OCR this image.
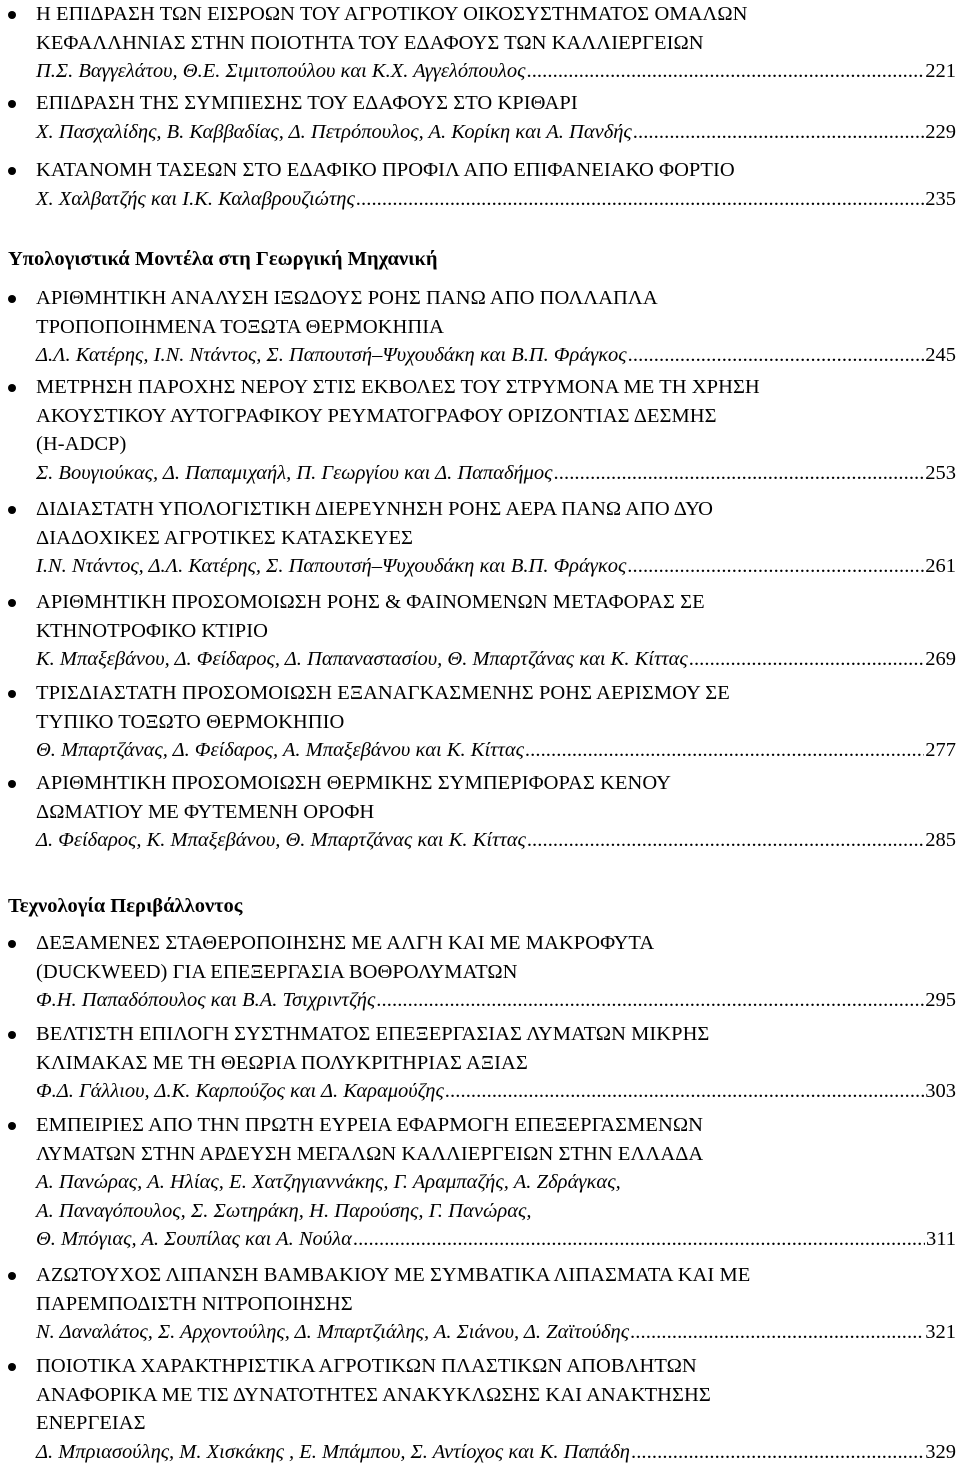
Η ΕΠΙΔΡΑΣΗ ΤΩΝ ΕΙΣΡΟΩΝ ΤΟΥ ΑΓΡΟΤΙΚΟΥ ΟΙΚΟΣΥΣΤΗΜΑΤΟΣ ΟΜΑΛΩΝ
ΚΕΦΑΛΛΗΝΙΑΣ ΣΤΗΝ ΠΟΙΟΤΗΤΑ ΤΟΥ ΕΔΑΦΟΥΣ ΤΩΝ ΚΑΛΛΙΕΡΓΕΙΩΝ
Π.Σ. Βαγγελάτου, Θ.Ε. Σιμιτοπούλου και Κ.Χ. Αγγελόπουλος .....	221
ΕΠΙΔΡΑΣΗ ΤΗΣ ΣΥΜΠΙΕΣΗΣ ΤΟΥ ΕΔΑΦΟΥΣ ΣΤΟ ΚΡΙΘΑΡΙ
Χ. Πασχαλίδης, Β. Καββαδίας, Δ. Πετρόπουλος, Α. Κορίκη και Α. Πανδής .....	229
ΚΑΤΑΝΟΜΗ ΤΑΣΕΩΝ ΣΤΟ ΕΔΑΦΙΚΟ ΠΡΟΦΙΛ ΑΠΟ ΕΠΙΦΑΝΕΙΑΚΟ ΦΟΡΤΙΟ
Χ. Χαλβατζής και Ι.Κ. Καλαβρουζιώτης .....	235
Υπολογιστικά Μοντέλα στη Γεωργική Μηχανική
ΑΡΙΘΜΗΤΙΚΗ ΑΝΑΛΥΣΗ ΙΞΩΔΟΥΣ ΡΟΗΣ ΠΑΝΩ ΑΠΟ ΠΟΛΛΑΠΛΑ
ΤΡΟΠΟΠΟΙΗΜΕΝΑ ΤΟΞΩΤΑ ΘΕΡΜΟΚΗΠΙΑ
Δ.Λ. Κατέρης, Ι.Ν. Ντάντος, Σ. Παπουτσή–Ψυχουδάκη και Β.Π. Φράγκος .....	245
ΜΕΤΡΗΣΗ ΠΑΡΟΧΗΣ ΝΕΡΟΥ ΣΤΙΣ ΕΚΒΟΛΕΣ ΤΟΥ ΣΤΡΥΜΟΝΑ ΜΕ ΤΗ ΧΡΗΣΗ
ΑΚΟΥΣΤΙΚΟΥ ΑΥΤΟΓΡΑΦΙΚΟΥ ΡΕΥΜΑΤΟΓΡΑΦΟΥ ΟΡΙΖΟΝΤΙΑΣ ΔΕΣΜΗΣ
(H-ADCP)
Σ. Βουγιούκας, Δ. Παπαμιχαήλ, Π. Γεωργίου και Δ. Παπαδήμος .....	253
ΔΙΔΙΑΣΤΑΤΗ ΥΠΟΛΟΓΙΣΤΙΚΗ ΔΙΕΡΕΥΝΗΣΗ ΡΟΗΣ ΑΕΡΑ ΠΑΝΩ ΑΠΟ ΔΥΟ
ΔΙΑΔΟΧΙΚΕΣ ΑΓΡΟΤΙΚΕΣ ΚΑΤΑΣΚΕΥΕΣ
Ι.Ν. Ντάντος, Δ.Λ. Κατέρης, Σ. Παπουτσή–Ψυχουδάκη και Β.Π. Φράγκος .....	261
ΑΡΙΘΜΗΤΙΚΗ ΠΡΟΣΟΜΟΙΩΣΗ ΡΟΗΣ & ΦΑΙΝΟΜΕΝΩΝ ΜΕΤΑΦΟΡΑΣ ΣΕ
ΚΤΗΝΟΤΡΟΦΙΚΟ ΚΤΙΡΙΟ
Κ. Μπαξεβάνου, Δ. Φείδαρος, Δ. Παπαναστασίου, Θ. Μπαρτζάνας και Κ. Κίττας .....	269
ΤΡΙΣΔΙΑΣΤΑΤΗ ΠΡΟΣΟΜΟΙΩΣΗ ΕΞΑΝΑΓΚΑΣΜΕΝΗΣ ΡΟΗΣ ΑΕΡΙΣΜΟΥ ΣΕ
ΤΥΠΙΚΟ ΤΟΞΩΤΟ ΘΕΡΜΟΚΗΠΙΟ
Θ. Μπαρτζάνας, Δ. Φείδαρος, Α. Μπαξεβάνου και Κ. Κίττας .....	277
ΑΡΙΘΜΗΤΙΚΗ ΠΡΟΣΟΜΟΙΩΣΗ ΘΕΡΜΙΚΗΣ ΣΥΜΠΕΡΙΦΟΡΑΣ ΚΕΝΟΥ
ΔΩΜΑΤΙΟΥ ΜΕ ΦΥΤΕΜΕΝΗ ΟΡΟΦΗ
Δ. Φείδαρος, Κ. Μπαξεβάνου, Θ. Μπαρτζάνας και Κ. Κίττας .....	285
Τεχνολογία Περιβάλλοντος
ΔΕΞΑΜΕΝΕΣ ΣΤΑΘΕΡΟΠΟΙΗΣΗΣ ΜΕ ΑΛΓΗ ΚΑΙ ΜΕ ΜΑΚΡΟΦΥΤΑ
(DUCKWEED) ΓΙΑ ΕΠΕΞΕΡΓΑΣΙΑ ΒΟΘΡΟΛΥΜΑΤΩΝ
Φ.Η. Παπαδόπουλος και Β.Α. Τσιχριντζής .....	295
ΒΕΛΤΙΣΤΗ ΕΠΙΛΟΓΗ ΣΥΣΤΗΜΑΤΟΣ ΕΠΕΞΕΡΓΑΣΙΑΣ ΛΥΜΑΤΩΝ ΜΙΚΡΗΣ
ΚΛΙΜΑΚΑΣ ΜΕ ΤΗ ΘΕΩΡΙΑ ΠΟΛΥΚΡΙΤΗΡΙΑΣ ΑΞΙΑΣ
Φ.Δ. Γάλλιου, Δ.Κ. Καρπούζος και Δ. Καραμούζης .....	303
ΕΜΠΕΙΡΙΕΣ ΑΠΟ ΤΗΝ ΠΡΩΤΗ ΕΥΡΕΙΑ ΕΦΑΡΜΟΓΗ ΕΠΕΞΕΡΓΑΣΜΕΝΩΝ
ΛΥΜΑΤΩΝ ΣΤΗΝ ΑΡΔΕΥΣΗ ΜΕΓΑΛΩΝ ΚΑΛΛΙΕΡΓΕΙΩΝ ΣΤΗΝ ΕΛΛΑΔΑ
Α. Πανώρας, Α. Ηλίας, Ε. Χατζηγιαννάκης, Γ. Αραμπαζής, Α. Ζδράγκας,
Α. Παναγόπουλος, Σ. Σωτηράκη, Η. Παρούσης, Γ. Πανώρας,
Θ. Μπόγιας, Α. Σουπίλας και Α. Νούλα .....	311
ΑΖΩΤΟΥΧΟΣ ΛΙΠΑΝΣΗ ΒΑΜΒΑΚΙΟΥ ΜΕ ΣΥΜΒΑΤΙΚΑ ΛΙΠΑΣΜΑΤΑ ΚΑΙ ΜΕ
ΠΑΡΕΜΠΟΔΙΣΤΗ ΝΙΤΡΟΠΟΙΗΣΗΣ
Ν. Δαναλάτος, Σ. Αρχοντούλης, Δ. Μπαρτζιάλης, Α. Σιάνου, Δ. Ζαϊτούδης .....	321
ΠΟΙΟΤΙΚΑ ΧΑΡΑΚΤΗΡΙΣΤΙΚΑ ΑΓΡΟΤΙΚΩΝ ΠΛΑΣΤΙΚΩΝ ΑΠΟΒΛΗΤΩΝ
ΑΝΑΦΟΡΙΚΑ ΜΕ ΤΙΣ ΔΥΝΑΤΟΤΗΤΕΣ ΑΝΑΚΥΚΛΩΣΗΣ ΚΑΙ ΑΝΑΚΤΗΣΗΣ
ΕΝΕΡΓΕΙΑΣ
Δ. Μπριασούλης, Μ. Χισκάκης , Ε. Μπάμπου, Σ. Αντίοχος και Κ. Παπάδη .....	329
